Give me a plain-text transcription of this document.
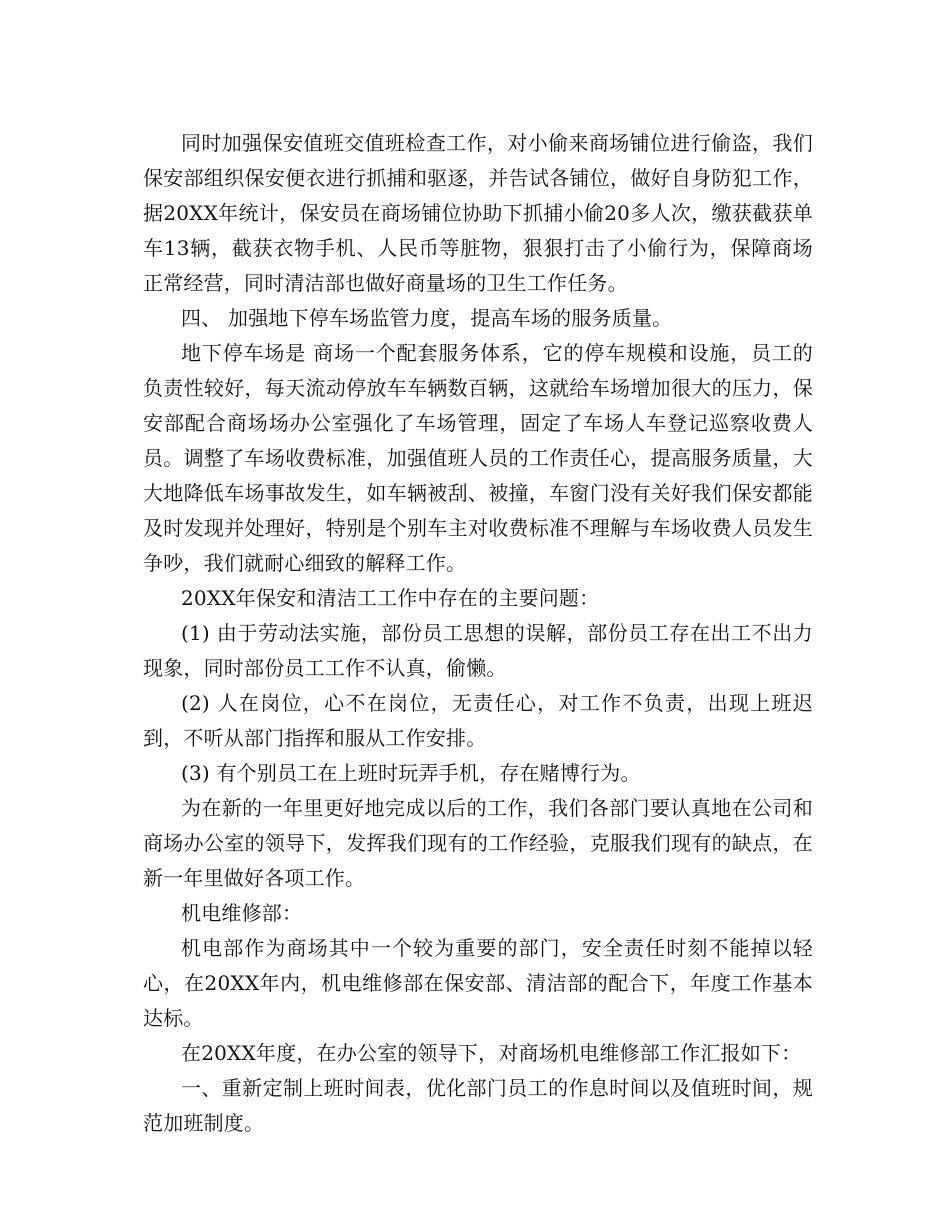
同时加强保安值班交值班检查工作，对小偷来商场铺位进行偷盗，我们保安部组织保安便衣进行抓捕和驱逐，并告试各铺位，做好自身防犯工作，据20XX年统计，保安员在商场铺位协助下抓捕小偷20多人次，缴获截获单车13辆，截获衣物手机、人民币等脏物，狠狠打击了小偷行为，保障商场正常经营，同时清洁部也做好商量场的卫生工作任务。

四、 加强地下停车场监管力度，提高车场的服务质量。

地下停车场是 商场一个配套服务体系，它的停车规模和设施，员工的负责性较好，每天流动停放车车辆数百辆，这就给车场增加很大的压力，保安部配合商场场办公室强化了车场管理，固定了车场人车登记巡察收费人员。调整了车场收费标准，加强值班人员的工作责任心，提高服务质量，大大地降低车场事故发生，如车辆被刮、被撞，车窗门没有关好我们保安都能及时发现并处理好，特别是个别车主对收费标准不理解与车场收费人员发生争吵，我们就耐心细致的解释工作。

20XX年保安和清洁工工作中存在的主要问题：

(1) 由于劳动法实施，部份员工思想的误解，部份员工存在出工不出力现象，同时部份员工工作不认真，偷懒。

(2) 人在岗位，心不在岗位，无责任心，对工作不负责，出现上班迟到，不听从部门指挥和服从工作安排。

(3) 有个别员工在上班时玩弄手机，存在赌博行为。

为在新的一年里更好地完成以后的工作，我们各部门要认真地在公司和商场办公室的领导下，发挥我们现有的工作经验，克服我们现有的缺点，在新一年里做好各项工作。

机电维修部：

机电部作为商场其中一个较为重要的部门，安全责任时刻不能掉以轻心，在20XX年内，机电维修部在保安部、清洁部的配合下，年度工作基本达标。

在20XX年度，在办公室的领导下，对商场机电维修部工作汇报如下：

一、重新定制上班时间表，优化部门员工的作息时间以及值班时间，规范加班制度。
